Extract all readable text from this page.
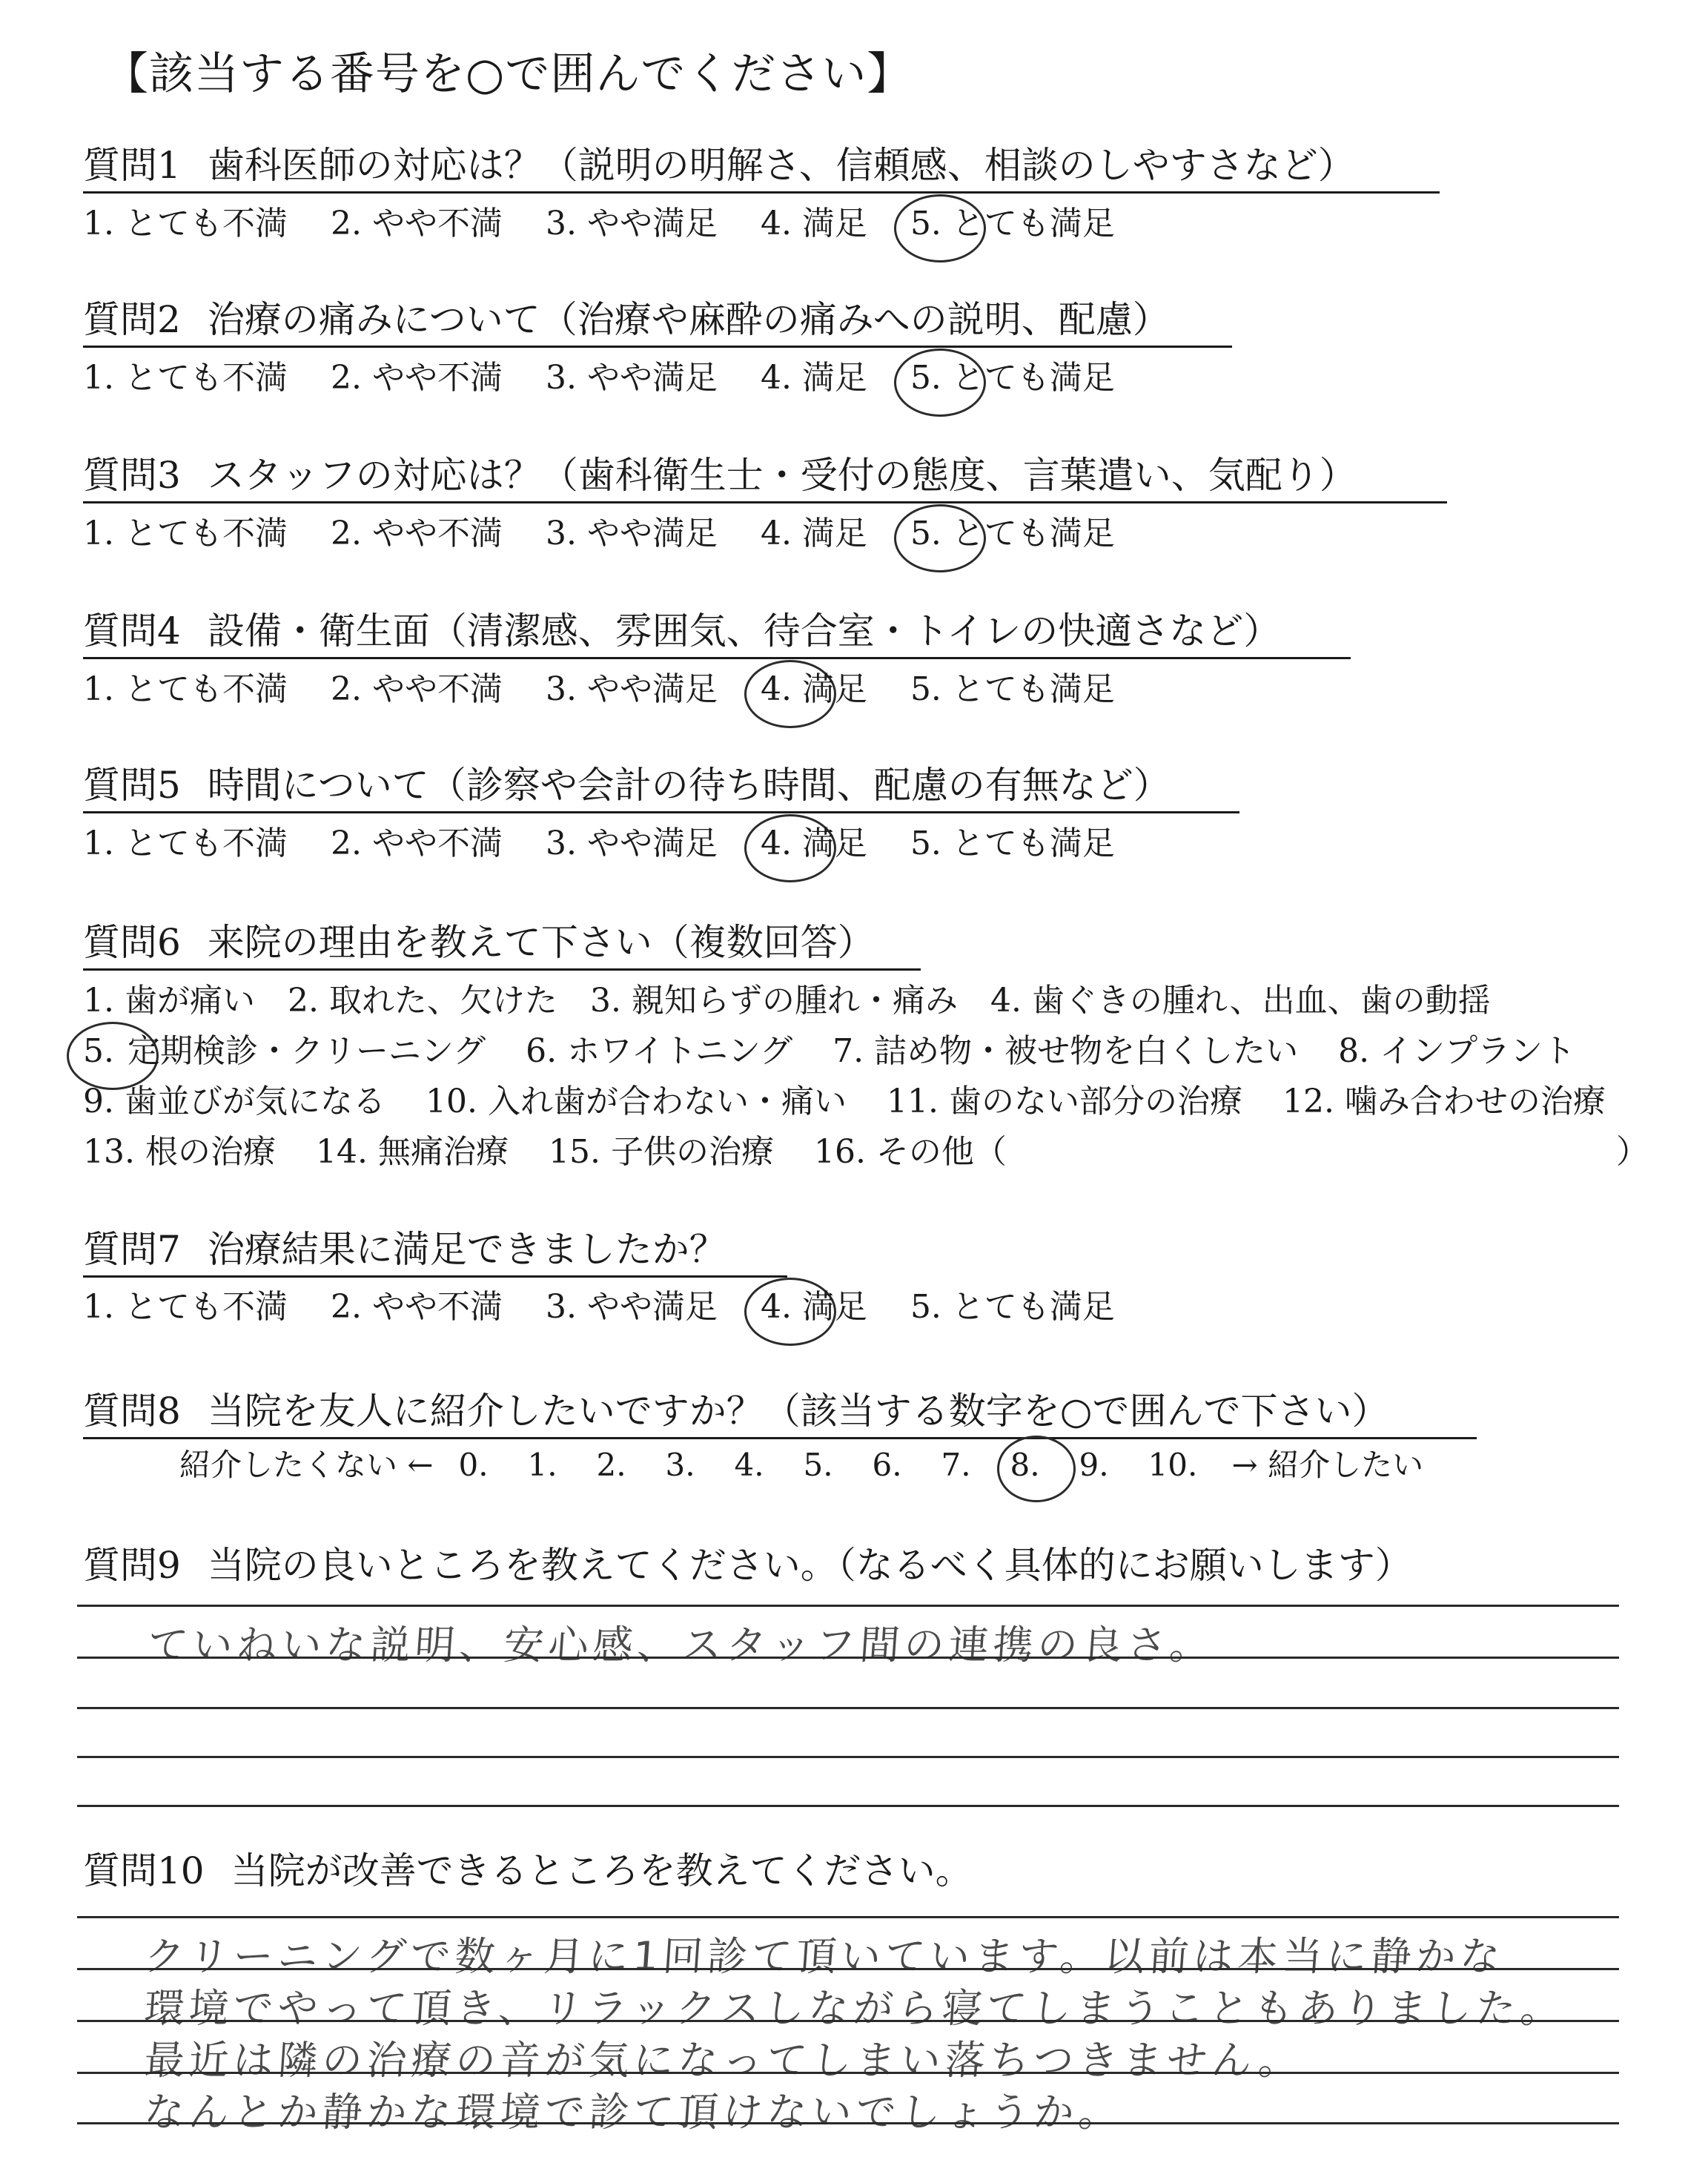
【該当する番号を○で囲んでください】
質問1 歯科医師の対応は？（説明の明解さ、信頼感、相談のしやすさなど）
1. とても不満 2. やや不満 3. やや満足 4. 満足 5. とても満足
質問2 治療の痛みについて（治療や麻酔の痛みへの説明、配慮）
1. とても不満 2. やや不満 3. やや満足 4. 満足 5. とても満足
質問3 スタッフの対応は？（歯科衛生士・受付の態度、言葉遣い、気配り）
1. とても不満 2. やや不満 3. やや満足 4. 満足 5. とても満足
質問4 設備・衛生面（清潔感、雰囲気、待合室・トイレの快適さなど）
1. とても不満 2. やや不満 3. やや満足 4. 満足 5. とても満足
質問5 時間について（診察や会計の待ち時間、配慮の有無など）
1. とても不満 2. やや不満 3. やや満足 4. 満足 5. とても満足
質問6 来院の理由を教えて下さい（複数回答）
1. 歯が痛い 2. 取れた、欠けた 3. 親知らずの腫れ・痛み 4. 歯ぐきの腫れ、出血、歯の動揺
5. 定期検診・クリーニング 6. ホワイトニング 7. 詰め物・被せ物を白くしたい 8. インプラント
9. 歯並びが気になる 10. 入れ歯が合わない・痛い 11. 歯のない部分の治療 12. 噛み合わせの治療
13. 根の治療 14. 無痛治療 15. 子供の治療 16. その他（	）
質問7 治療結果に満足できましたか？
1. とても不満 2. やや不満 3. やや満足 4. 満足 5. とても満足
質問8 当院を友人に紹介したいですか？（該当する数字を○で囲んで下さい）
紹介したくない ← 0.	1.	2.	3.	4.	5.	6.	7.	8.	9.	10.	→ 紹介したい
質問9 当院の良いところを教えてください。（なるべく具体的にお願いします）
ていねいな説明、安心感、スタッフ間の連携の良さ。
質問10 当院が改善できるところを教えてください。
クリーニングで数ヶ月に1回診て頂いています。以前は本当に静かな
環境でやって頂き、リラックスしながら寝てしまうこともありました。
最近は隣の治療の音が気になってしまい落ちつきません。
なんとか静かな環境で診て頂けないでしょうか。
